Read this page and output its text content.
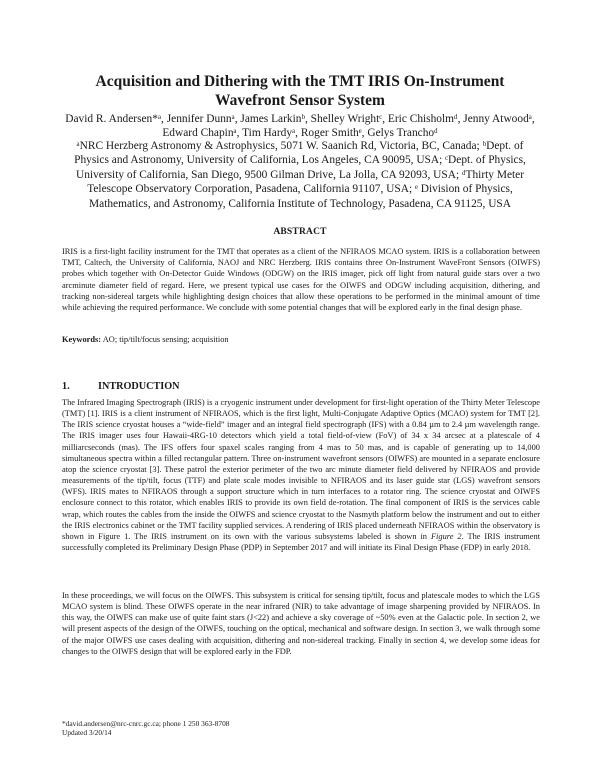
Acquisition and Dithering with the TMT IRIS On-Instrument Wavefront Sensor System
David R. Andersen*ᵃ, Jennifer Dunnᵃ, James Larkinᵇ, Shelley Wrightᶜ, Eric Chisholmᵈ, Jenny Atwoodᵃ, Edward Chapinᵃ, Tim Hardyᵃ, Roger Smithᵉ, Gelys Tranchoᵈ
ᵃNRC Herzberg Astronomy & Astrophysics, 5071 W. Saanich Rd, Victoria, BC, Canada; ᵇDept. of Physics and Astronomy, University of California, Los Angeles, CA 90095, USA; ᶜDept. of Physics, University of California, San Diego, 9500 Gilman Drive, La Jolla, CA 92093, USA; ᵈThirty Meter Telescope Observatory Corporation, Pasadena, California 91107, USA; ᵉ Division of Physics, Mathematics, and Astronomy, California Institute of Technology, Pasadena, CA 91125, USA
ABSTRACT
IRIS is a first-light facility instrument for the TMT that operates as a client of the NFIRAOS MCAO system. IRIS is a collaboration between TMT, Caltech, the University of California, NAOJ and NRC Herzberg. IRIS contains three On-Instrument WaveFront Sensors (OIWFS) probes which together with On-Detector Guide Windows (ODGW) on the IRIS imager, pick off light from natural guide stars over a two arcminute diameter field of regard. Here, we present typical use cases for the OIWFS and ODGW including acquisition, dithering, and tracking non-sidereal targets while highlighting design choices that allow these operations to be performed in the minimal amount of time while achieving the required performance. We conclude with some potential changes that will be explored early in the final design phase.
Keywords: AO; tip/tilt/focus sensing; acquisition
1.	INTRODUCTION
The Infrared Imaging Spectrograph (IRIS) is a cryogenic instrument under development for first-light operation of the Thirty Meter Telescope (TMT) [1]. IRIS is a client instrument of NFIRAOS, which is the first light, Multi-Conjugate Adaptive Optics (MCAO) system for TMT [2]. The IRIS science cryostat houses a “wide-field” imager and an integral field spectrograph (IFS) with a 0.84 µm to 2.4 µm wavelength range. The IRIS imager uses four Hawaii-4RG-10 detectors which yield a total field-of-view (FoV) of 34 x 34 arcsec at a platescale of 4 milliarcseconds (mas). The IFS offers four spaxel scales ranging from 4 mas to 50 mas, and is capable of generating up to 14,000 simultaneous spectra within a filled rectangular pattern. Three on-instrument wavefront sensors (OIWFS) are mounted in a separate enclosure atop the science cryostat [3]. These patrol the exterior perimeter of the two arc minute diameter field delivered by NFIRAOS and provide measurements of the tip/tilt, focus (TTF) and plate scale modes invisible to NFIRAOS and its laser guide star (LGS) wavefront sensors (WFS). IRIS mates to NFIRAOS through a support structure which in turn interfaces to a rotator ring. The science cryostat and OIWFS enclosure connect to this rotator, which enables IRIS to provide its own field de-rotation. The final component of IRIS is the services cable wrap, which routes the cables from the inside the OIWFS and science cryostat to the Nasmyth platform below the instrument and out to either the IRIS electronics cabinet or the TMT facility supplied services. A rendering of IRIS placed underneath NFIRAOS within the observatory is shown in Figure 1. The IRIS instrument on its own with the various subsystems labeled is shown in Figure 2. The IRIS instrument successfully completed its Preliminary Design Phase (PDP) in September 2017 and will initiate its Final Design Phase (FDP) in early 2018.
In these proceedings, we will focus on the OIWFS. This subsystem is critical for sensing tip/tilt, focus and platescale modes to which the LGS MCAO system is blind. These OIWFS operate in the near infrared (NIR) to take advantage of image sharpening provided by NFIRAOS. In this way, the OIWFS can make use of quite faint stars (J<22) and achieve a sky coverage of ~50% even at the Galactic pole. In section 2, we will present aspects of the design of the OIWFS, touching on the optical, mechanical and software design. In section 3, we walk through some of the major OIWFS use cases dealing with acquisition, dithering and non-sidereal tracking. Finally in section 4, we develop some ideas for changes to the OIWFS design that will be explored early in the FDP.
*david.andersen@nrc-cnrc.gc.ca; phone 1 250 363-8708
Updated 3/20/14
